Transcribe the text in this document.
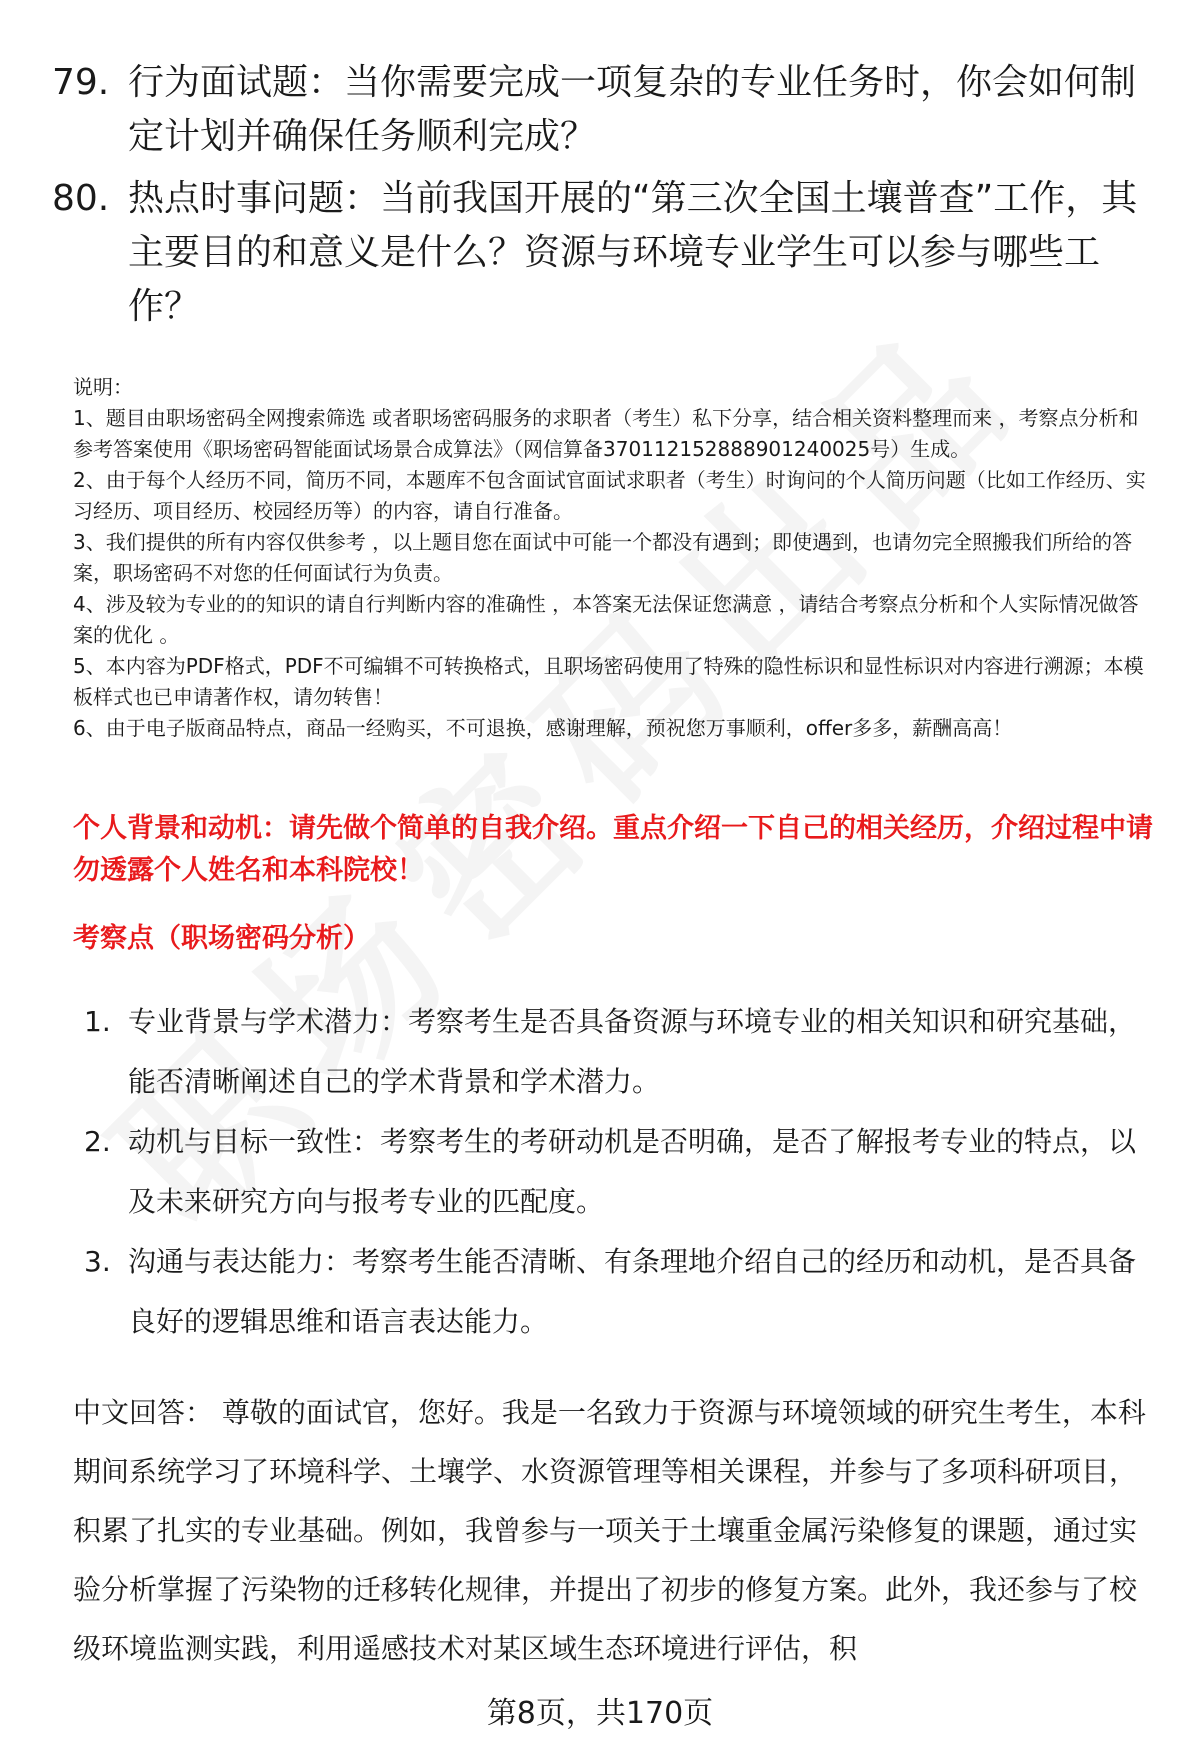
79. 行为面试题：当你需要完成一项复杂的专业任务时，你会如何制定计划并确保任务顺利完成？
80. 热点时事问题：当前我国开展的“第三次全国土壤普查”工作，其主要目的和意义是什么？资源与环境专业学生可以参与哪些工作？

说明：

1、题目由职场密码全网搜索筛选 或者职场密码服务的求职者（考生）私下分享，结合相关资料整理而来 ，考察点分析和参考答案使用《职场密码智能面试场景合成算法》（网信算备370112152888901240025号）生成。

2、由于每个人经历不同，简历不同，本题库不包含面试官面试求职者（考生）时询问的个人简历问题（比如工作经历、实习经历、项目经历、校园经历等）的内容，请自行准备。

3、我们提供的所有内容仅供参考 ，以上题目您在面试中可能一个都没有遇到；即使遇到，也请勿完全照搬我们所给的答案，职场密码不对您的任何面试行为负责。

4、涉及较为专业的的知识的请自行判断内容的准确性 ，本答案无法保证您满意 ，请结合考察点分析和个人实际情况做答案的优化 。

5、本内容为PDF格式，PDF不可编辑不可转换格式，且职场密码使用了特殊的隐性标识和显性标识对内容进行溯源；本模板样式也已申请著作权，请勿转售！

6、由于电子版商品特点，商品一经购买，不可退换，感谢理解，预祝您万事顺利，offer多多，薪酬高高！

个人背景和动机：请先做个简单的自我介绍。重点介绍一下自己的相关经历，介绍过程中请勿透露个人姓名和本科院校！
考察点（职场密码分析）
1. 专业背景与学术潜力：考察考生是否具备资源与环境专业的相关知识和研究基础，能否清晰阐述自己的学术背景和学术潜力。
2. 动机与目标一致性：考察考生的考研动机是否明确，是否了解报考专业的特点，以及未来研究方向与报考专业的匹配度。
3. 沟通与表达能力：考察考生能否清晰、有条理地介绍自己的经历和动机，是否具备良好的逻辑思维和语言表达能力。
中文回答： 尊敬的面试官，您好。我是一名致力于资源与环境领域的研究生考生，本科期间系统学习了环境科学、土壤学、水资源管理等相关课程，并参与了多项科研项目，积累了扎实的专业基础。例如，我曾参与一项关于土壤重金属污染修复的课题，通过实验分析掌握了污染物的迁移转化规律，并提出了初步的修复方案。此外，我还参与了校级环境监测实践，利用遥感技术对某区域生态环境进行评估，积
第8页，共170页
